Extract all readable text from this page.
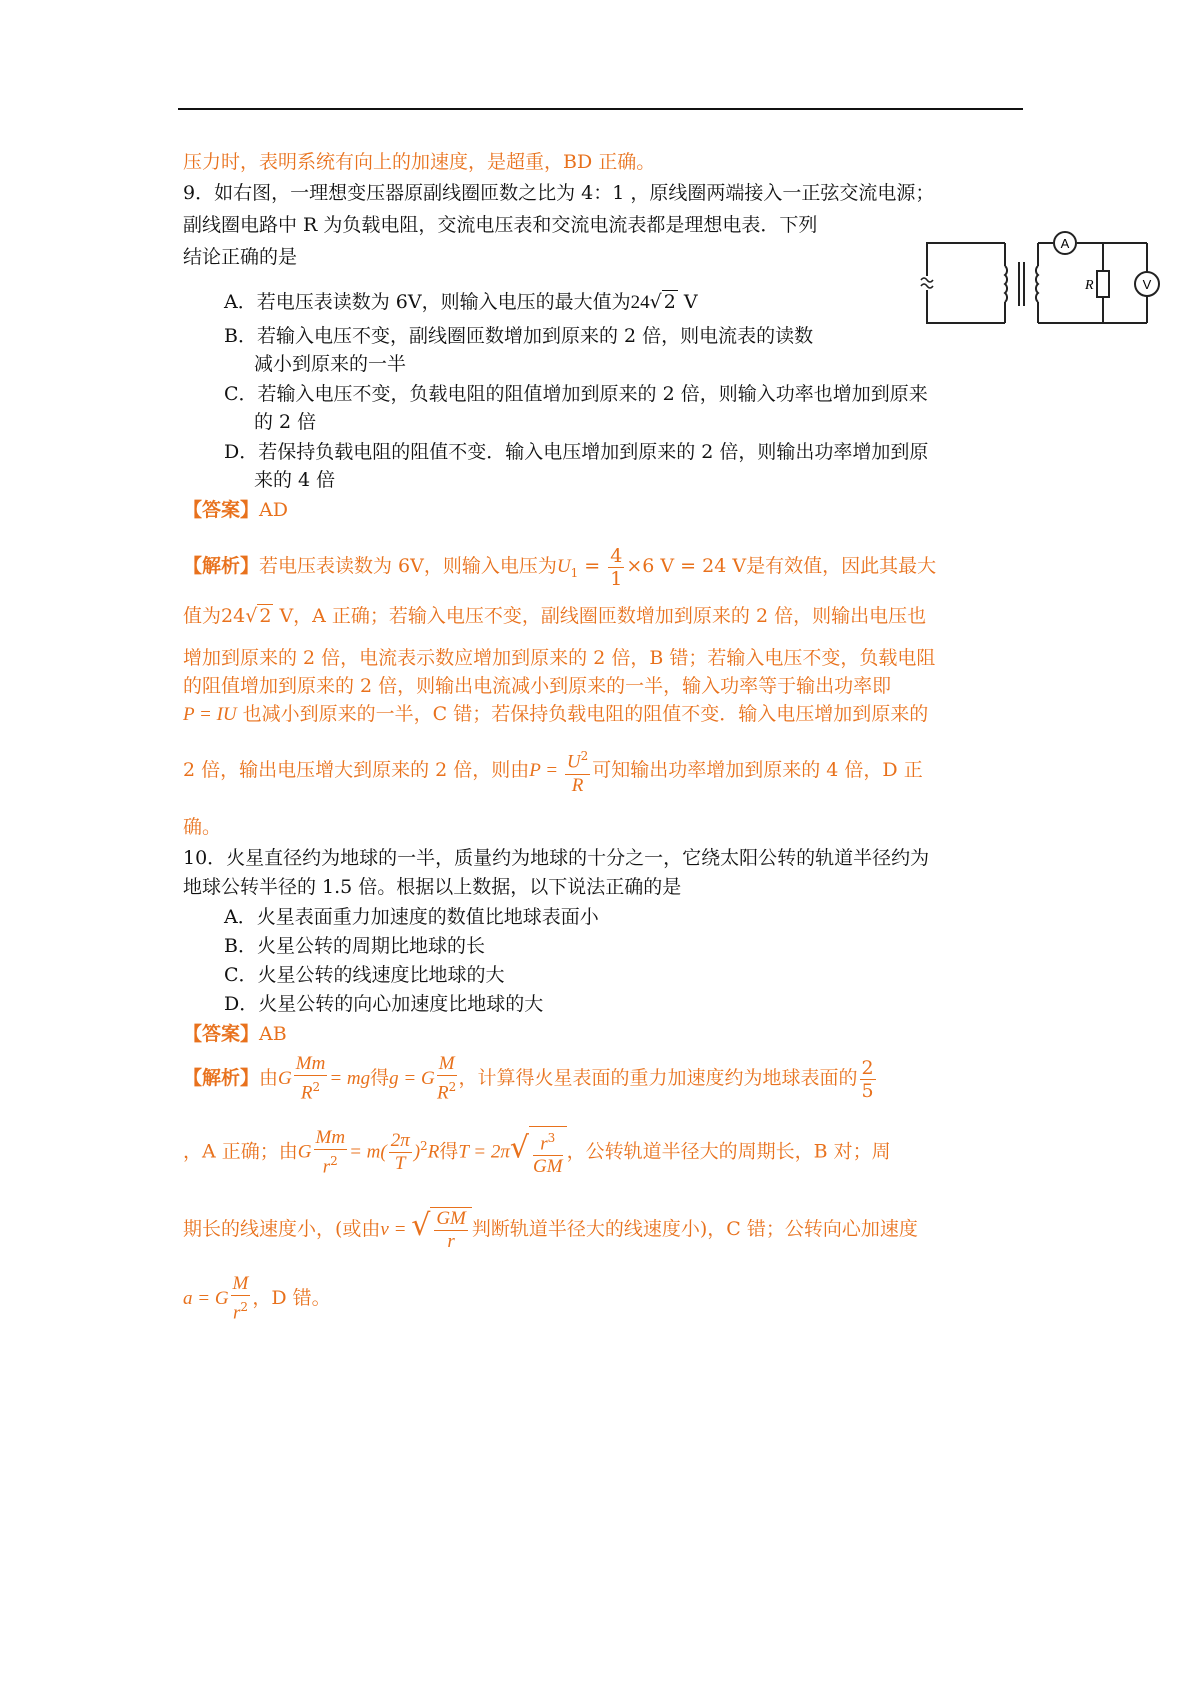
压力时，表明系统有向上的加速度，是超重，BD 正确。
9．如右图，一理想变压器原副线圈匝数之比为 4：1 ，原线圈两端接入一正弦交流电源；
副线圈电路中 R 为负载电阻，交流电压表和交流电流表都是理想电表．下列
结论正确的是
A
R	V
A．若电压表读数为 6V，则输入电压的最大值为24√ 2 V
B．若输入电压不变，副线圈匝数增加到原来的 2 倍，则电流表的读数
减小到原来的一半
C．若输入电压不变，负载电阻的阻值增加到原来的 2 倍，则输入功率也增加到原来
的 2 倍
D．若保持负载电阻的阻值不变．输入电压增加到原来的 2 倍，则输出功率增加到原
来的 4 倍
【答案】AD
【解析】若电压表读数为 6V，则输入电压为$U_1 = \frac{4}{1} \times 6$ V = 24 V是有效值，因此其最大
值为24√ 2 V，A 正确；若输入电压不变，副线圈匝数增加到原来的 2 倍，则输出电压也
增加到原来的 2 倍，电流表示数应增加到原来的 2 倍，B 错；若输入电压不变，负载电阻
的阻值增加到原来的 2 倍，则输出电流减小到原来的一半，输入功率等于输出功率即
P = IU 也减小到原来的一半，C 错；若保持负载电阻的阻值不变．输入电压增加到原来的
2 倍，输出电压增大到原来的 2 倍，则由$P = \frac{U^2}{R}$ 可知输出功率增加到原来的 4 倍，D 正
确。
10．火星直径约为地球的一半，质量约为地球的十分之一，它绕太阳公转的轨道半径约为
地球公转半径的 1.5 倍。根据以上数据，以下说法正确的是
A．火星表面重力加速度的数值比地球表面小
B．火星公转的周期比地球的长
C．火星公转的线速度比地球的大
D．火星公转的向心加速度比地球的大
【答案】AB
【解析】由G $\frac{Mm}{R^2}$ = mg得g = G $\frac{M}{R^2}$ ，计算得火星表面的重力加速度约为地球表面的 $\frac{2}{5}$
，A 正确；由G $\frac{Mm}{r^2} = m( \frac{2\pi}{T} )^2R$得$T = 2\pi√ \frac{r^3}{GM}$ ，公转轨道半径大的周期长，B 对；周
期长的线速度小，(或由v = √ $\frac{GM}{r}$ 判断轨道半径大的线速度小)，C 错；公转向心加速度
a = G $\frac{M}{r^2}$ ，D 错。
